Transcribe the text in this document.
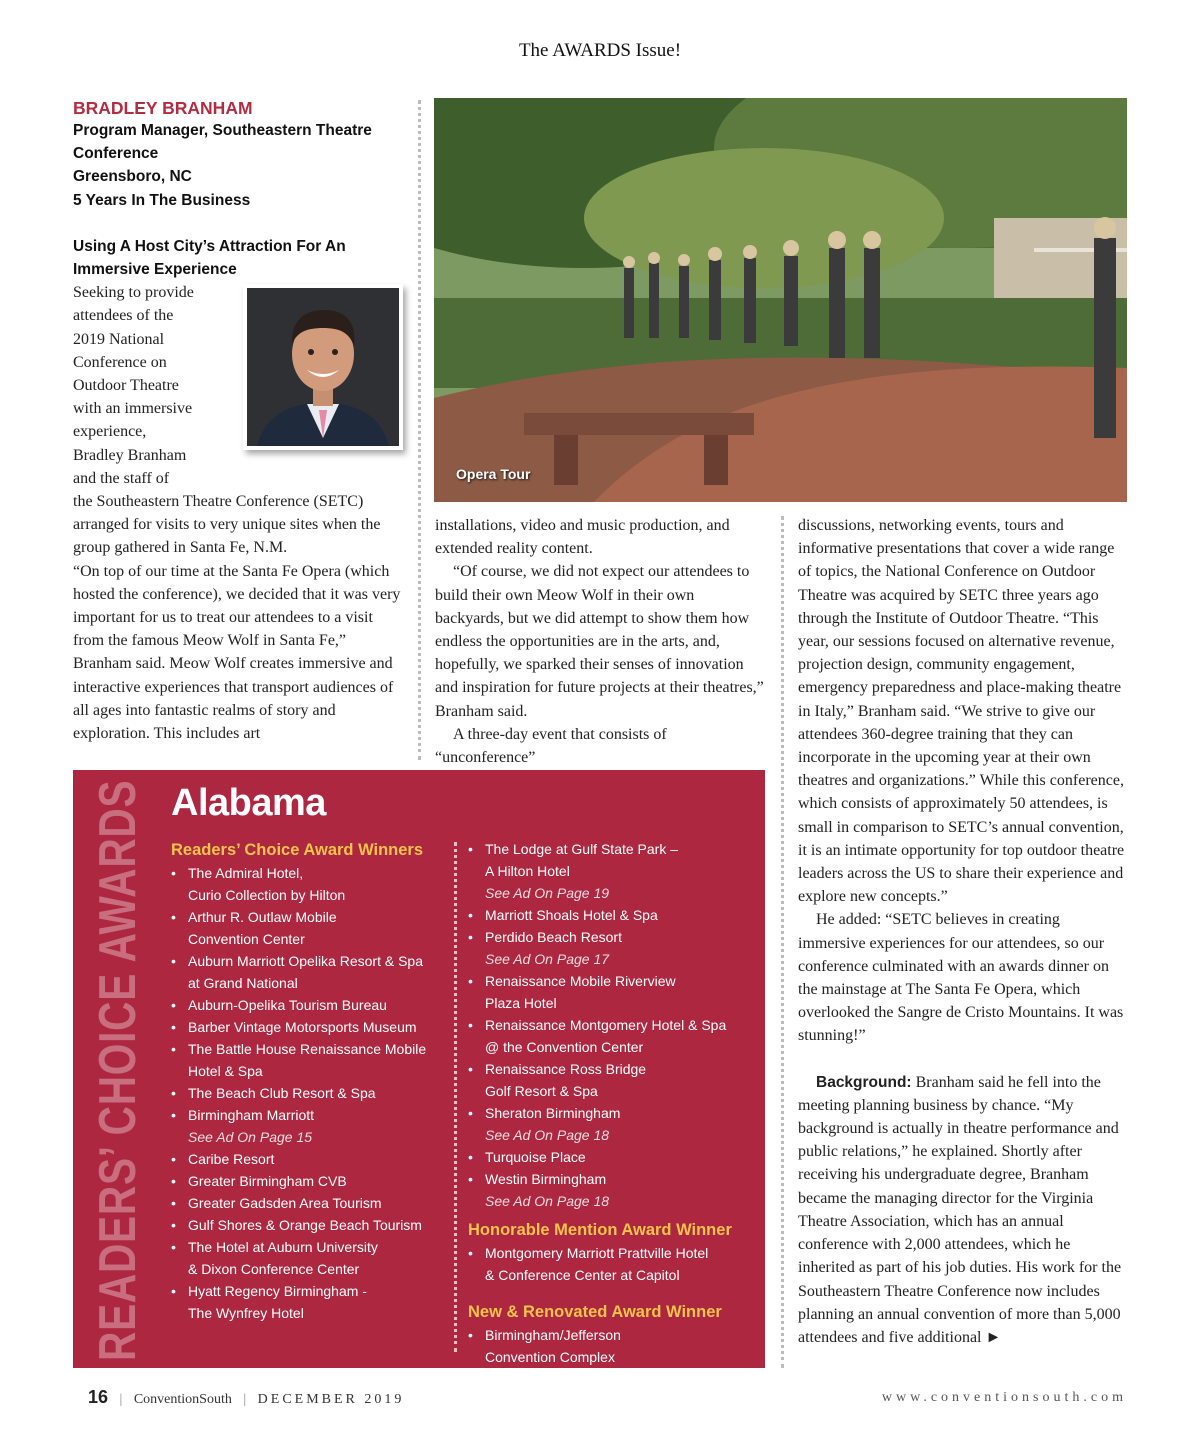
The AWARDS Issue!
BRADLEY BRANHAM
Program Manager, Southeastern Theatre
Conference
Greensboro, NC
5 Years In The Business
Using A Host City’s Attraction For An
Immersive Experience
Seeking to provide
attendees of the
2019 National
Conference on
Outdoor Theatre
with an immersive
experience,
Bradley Branham
and the staff of

the Southeastern Theatre Conference (SETC) arranged for visits to very unique sites when the group gathered in Santa Fe, N.M.

“On top of our time at the Santa Fe Opera (which hosted the conference), we decided that it was very important for us to treat our attendees to a visit from the famous Meow Wolf in Santa Fe,” Branham said. Meow Wolf creates immersive and interactive experiences that transport audiences of all ages into fantastic realms of story and exploration. This includes art

Opera Tour

installations, video and music production, and extended reality content.

“Of course, we did not expect our attendees to build their own Meow Wolf in their own backyards, but we did attempt to show them how endless the opportunities are in the arts, and, hopefully, we sparked their senses of innovation and inspiration for future projects at their theatres,” Branham said.

A three-day event that consists of “unconference”

discussions, networking events, tours and informative presentations that cover a wide range of topics, the National Conference on Outdoor Theatre was acquired by SETC three years ago through the Institute of Outdoor Theatre. “This year, our sessions focused on alternative revenue, projection design, community engagement, emergency preparedness and place-making theatre in Italy,” Branham said. “We strive to give our attendees 360-degree training that they can incorporate in the upcoming year at their own theatres and organizations.” While this conference, which consists of approximately 50 attendees, is small in comparison to SETC’s annual convention, it is an intimate opportunity for top outdoor theatre leaders across the US to share their experience and explore new concepts.”

He added: “SETC believes in creating immersive experiences for our attendees, so our conference culminated with an awards dinner on the mainstage at The Santa Fe Opera, which overlooked the Sangre de Cristo Mountains. It was stunning!”

Background: Branham said he fell into the meeting planning business by chance. “My background is actually in theatre performance and public relations,” he explained. Shortly after receiving his undergraduate degree, Branham became the managing director for the Virginia Theatre Association, which has an annual conference with 2,000 attendees, which he inherited as part of his job duties. His work for the Southeastern Theatre Conference now includes planning an annual convention of more than 5,000 attendees and five additional ►

READERS’ CHOICE AWARDS Alabama
Readers’ Choice Award Winners
• The Admiral Hotel,
Curio Collection by Hilton
• Arthur R. Outlaw Mobile
Convention Center
• Auburn Marriott Opelika Resort & Spa
at Grand National
• Auburn-Opelika Tourism Bureau
• Barber Vintage Motorsports Museum
• The Battle House Renaissance Mobile
Hotel & Spa
• The Beach Club Resort & Spa
• Birmingham Marriott
See Ad On Page 15
• Caribe Resort
• Greater Birmingham CVB
• Greater Gadsden Area Tourism
• Gulf Shores & Orange Beach Tourism
• The Hotel at Auburn University
& Dixon Conference Center
• Hyatt Regency Birmingham -
The Wynfrey Hotel
• The Lodge at Gulf State Park –
A Hilton Hotel
See Ad On Page 19
• Marriott Shoals Hotel & Spa
• Perdido Beach Resort
See Ad On Page 17
• Renaissance Mobile Riverview
Plaza Hotel
• Renaissance Montgomery Hotel & Spa
@ the Convention Center
• Renaissance Ross Bridge
Golf Resort & Spa
• Sheraton Birmingham
See Ad On Page 18
• Turquoise Place
• Westin Birmingham
See Ad On Page 18
Honorable Mention Award Winner
• Montgomery Marriott Prattville Hotel
& Conference Center at Capitol
New & Renovated Award Winner
• Birmingham/Jefferson
Convention Complex
16 | ConventionSouth | DECEMBER 2019	www.conventionsouth.com
